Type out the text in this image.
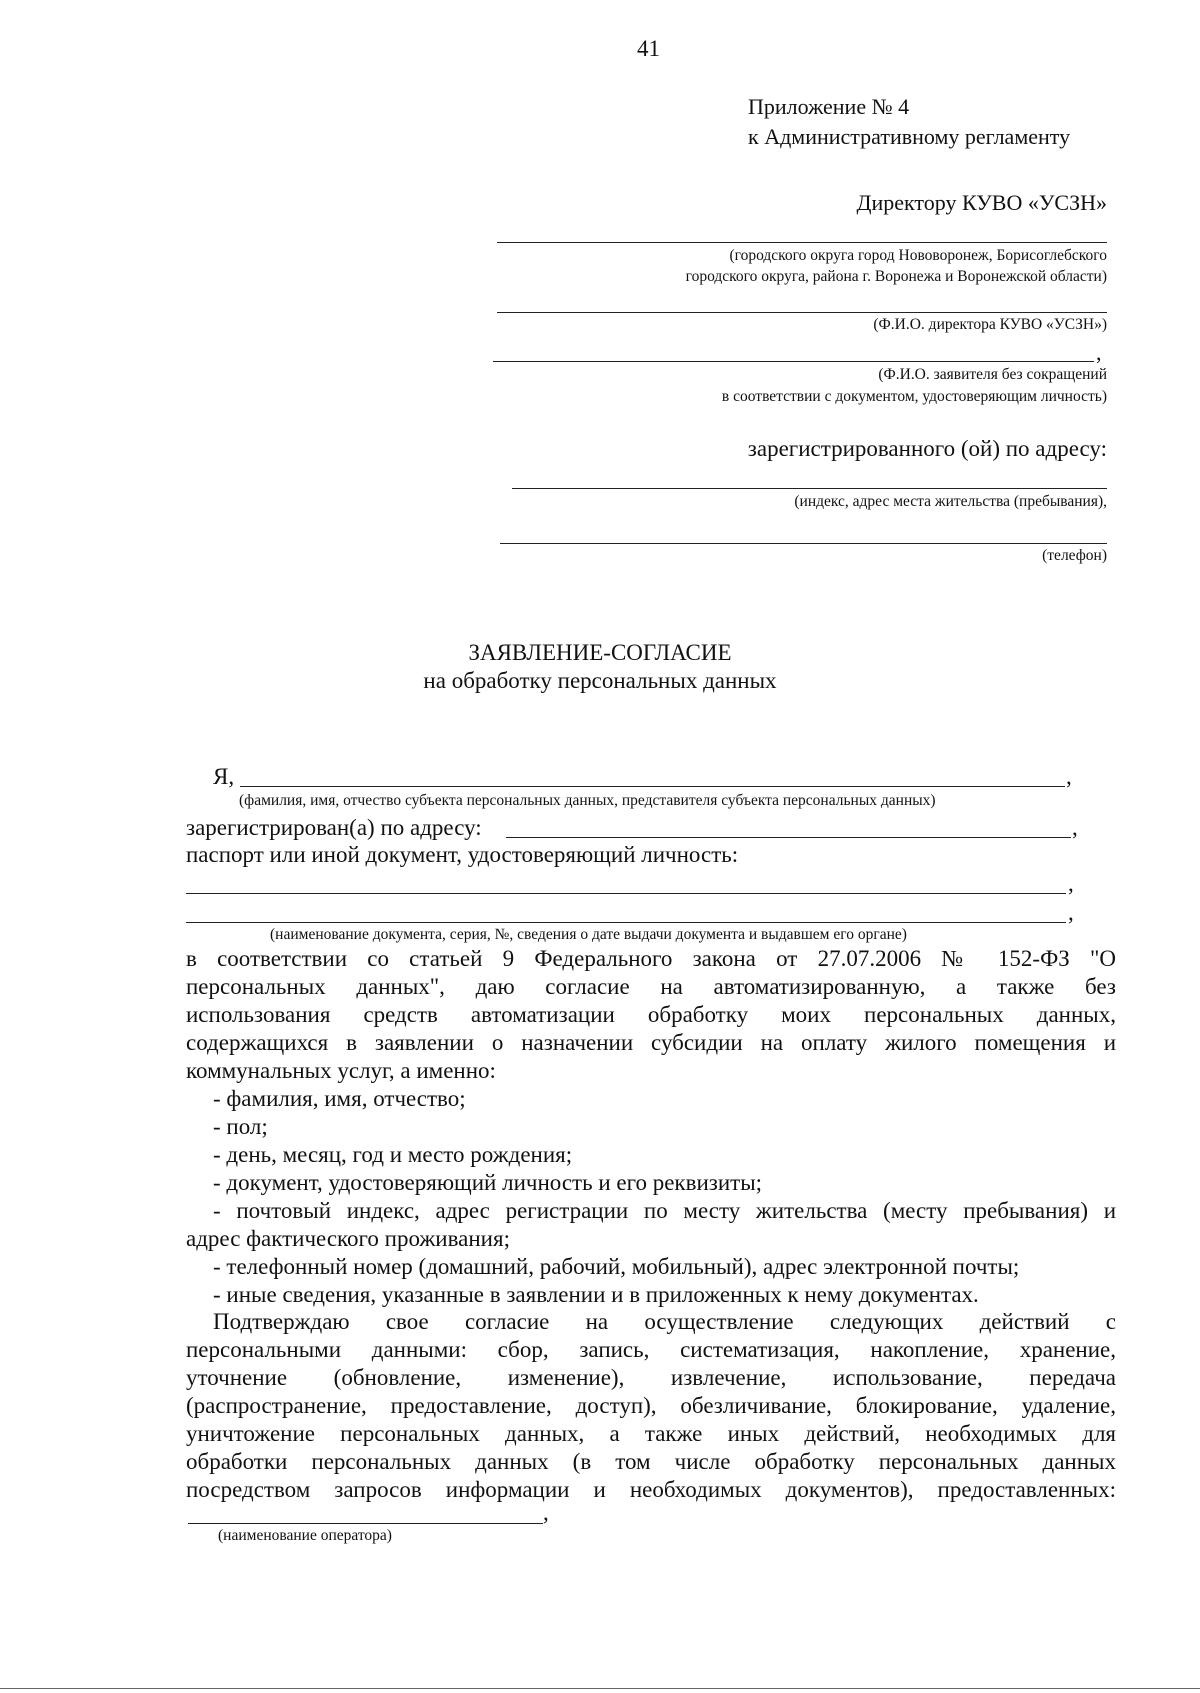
41
Приложение № 4
к Административному регламенту
Директору КУВО «УСЗН»
(городского округа город Нововоронеж, Борисоглебского
городского округа, района г. Воронежа и Воронежской области)
(Ф.И.О. директора КУВО «УСЗН»)
,
(Ф.И.О. заявителя без сокращений
в соответствии с документом, удостоверяющим личность)
зарегистрированного (ой) по адресу:
(индекс, адрес места жительства (пребывания),
(телефон)
ЗАЯВЛЕНИЕ-СОГЛАСИЕ
на обработку персональных данных
Я,	,
(фамилия, имя, отчество субъекта персональных данных, представителя субъекта персональных данных)
зарегистрирован(а) по адресу:	,
паспорт или иной документ, удостоверяющий личность:
,
,
(наименование документа, серия, №, сведения о дате выдачи документа и выдавшем его органе)
в соответствии со статьей 9 Федерального закона от 27.07.2006 № 152-ФЗ "О
персональных данных", даю согласие на автоматизированную, а также без
использования средств автоматизации обработку моих персональных данных,
содержащихся в заявлении о назначении субсидии на оплату жилого помещения и
коммунальных услуг, а именно:
- фамилия, имя, отчество;
- пол;
- день, месяц, год и место рождения;
- документ, удостоверяющий личность и его реквизиты;
- почтовый индекс, адрес регистрации по месту жительства (месту пребывания) и
адрес фактического проживания;
- телефонный номер (домашний, рабочий, мобильный), адрес электронной почты;
- иные сведения, указанные в заявлении и в приложенных к нему документах.
Подтверждаю свое согласие на осуществление следующих действий с
персональными данными: сбор, запись, систематизация, накопление, хранение,
уточнение (обновление, изменение), извлечение, использование, передача
(распространение, предоставление, доступ), обезличивание, блокирование, удаление,
уничтожение персональных данных, а также иных действий, необходимых для
обработки персональных данных (в том числе обработку персональных данных
посредством запросов информации и необходимых документов), предоставленных:
,
(наименование оператора)
